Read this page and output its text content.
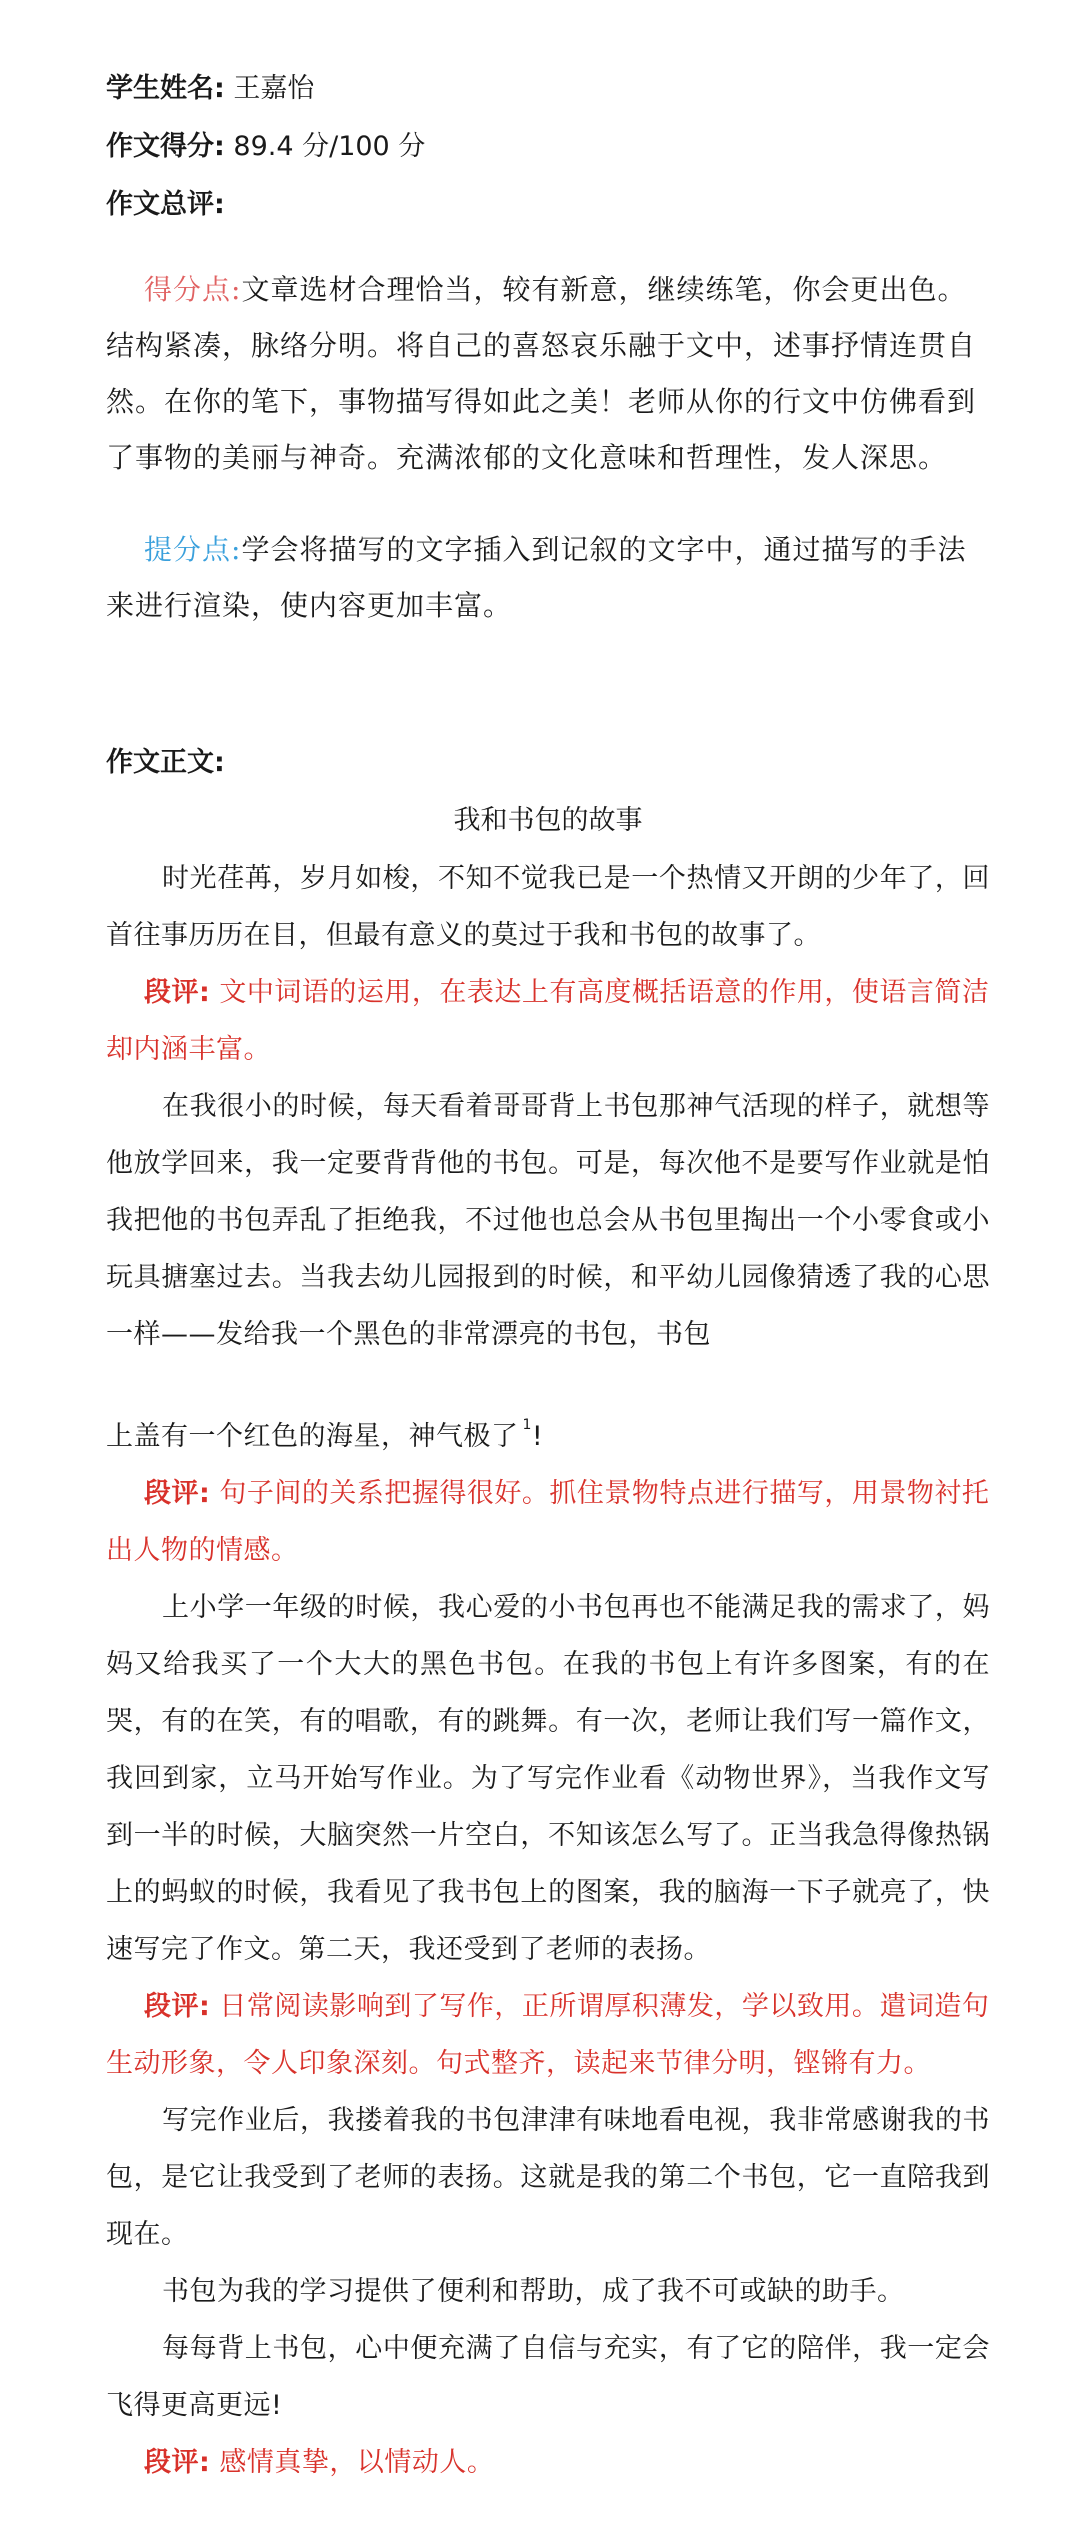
学生姓名: 王嘉怡
作文得分: 89.4 分/100 分
作文总评:

得分点:文章选材合理恰当，较有新意，继续练笔，你会更出色。结构紧凑，脉络分明。将自己的喜怒哀乐融于文中，述事抒情连贯自然。在你的笔下，事物描写得如此之美！老师从你的行文中仿佛看到了事物的美丽与神奇。充满浓郁的文化意味和哲理性，发人深思。

提分点:学会将描写的文字插入到记叙的文字中，通过描写的手法来进行渲染，使内容更加丰富。

作文正文:
我和书包的故事

时光荏苒，岁月如梭，不知不觉我已是一个热情又开朗的少年了，回首往事历历在目，但最有意义的莫过于我和书包的故事了。

段评: 文中词语的运用，在表达上有高度概括语意的作用，使语言简洁却内涵丰富。

在我很小的时候，每天看着哥哥背上书包那神气活现的样子，就想等他放学回来，我一定要背背他的书包。可是，每次他不是要写作业就是怕我把他的书包弄乱了拒绝我，不过他也总会从书包里掏出一个小零食或小玩具搪塞过去。当我去幼儿园报到的时候，和平幼儿园像猜透了我的心思一样——发给我一个黑色的非常漂亮的书包，书包
上盖有一个红色的海星，神气极了 $^1$!

段评: 句子间的关系把握得很好。抓住景物特点进行描写，用景物衬托出人物的情感。

上小学一年级的时候，我心爱的小书包再也不能满足我的需求了，妈妈又给我买了一个大大的黑色书包。在我的书包上有许多图案，有的在哭，有的在笑，有的唱歌，有的跳舞。有一次，老师让我们写一篇作文，我回到家，立马开始写作业。为了写完作业看《动物世界》，当我作文写到一半的时候，大脑突然一片空白，不知该怎么写了。正当我急得像热锅上的蚂蚁的时候，我看见了我书包上的图案，我的脑海一下子就亮了，快速写完了作文。第二天，我还受到了老师的表扬。

段评: 日常阅读影响到了写作，正所谓厚积薄发，学以致用。遣词造句生动形象，令人印象深刻。句式整齐，读起来节律分明，铿锵有力。

写完作业后，我搂着我的书包津津有味地看电视，我非常感谢我的书包，是它让我受到了老师的表扬。这就是我的第二个书包，它一直陪我到现在。

书包为我的学习提供了便利和帮助，成了我不可或缺的助手。

每每背上书包，心中便充满了自信与充实，有了它的陪伴，我一定会飞得更高更远!

段评: 感情真挚，以情动人。
